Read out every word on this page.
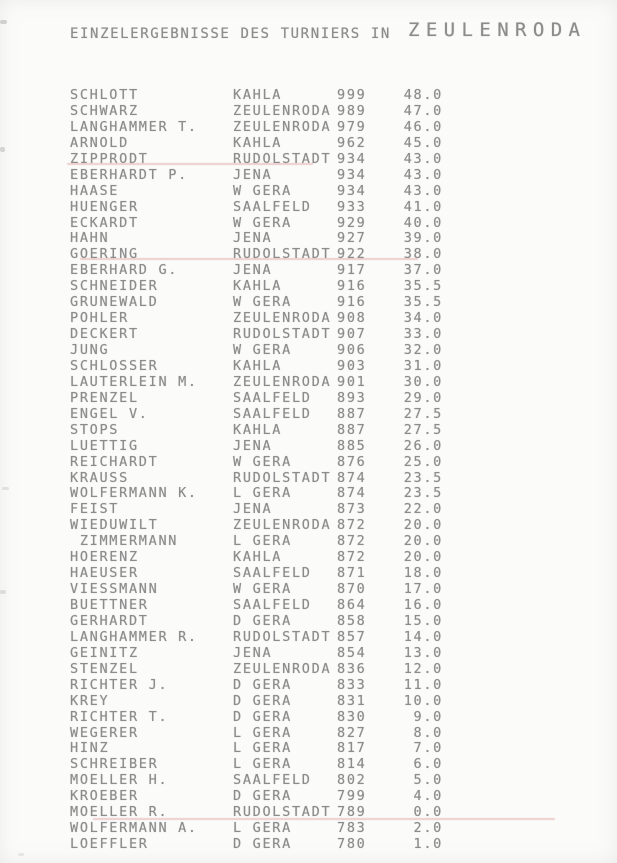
EINZELERGEBNISSE DES TURNIERS IN ZEULENRODA
SCHLOTT	KAHLA	999	48.0
SCHWARZ	ZEULENRODA 989	47.0
LANGHAMMER T.	ZEULENRODA 979	46.0
ARNOLD	KAHLA	962	45.0
ZIPPRODT	RUDOLSTADT 934	43.0
EBERHARDT P.	JENA	934	43.0
HAASE	W GERA	934	43.0
HUENGER	SAALFELD 933	41.0
ECKARDT	W GERA	929	40.0
HAHN	JENA	927	39.0
GOERING	RUDOLSTADT 922	38.0
EBERHARD G.	JENA	917	37.0
SCHNEIDER	KAHLA	916	35.5
GRUNEWALD	W GERA	916	35.5
POHLER	ZEULENRODA 908	34.0
DECKERT	RUDOLSTADT 907	33.0
JUNG	W GERA	906	32.0
SCHLOSSER	KAHLA	903	31.0
LAUTERLEIN M.	ZEULENRODA 901	30.0
PRENZEL	SAALFELD 893	29.0
ENGEL V.	SAALFELD 887	27.5
STOPS	KAHLA	887	27.5
LUETTIG	JENA	885	26.0
REICHARDT	W GERA	876	25.0
KRAUSS	RUDOLSTADT 874	23.5
WOLFERMANN K.	L GERA	874	23.5
FEIST	JENA	873	22.0
WIEDUWILT	ZEULENRODA 872	20.0
ZIMMERMANN	L GERA	872	20.0
HOERENZ	KAHLA	872	20.0
HAEUSER	SAALFELD 871	18.0
VIESSMANN	W GERA	870	17.0
BUETTNER	SAALFELD 864	16.0
GERHARDT	D GERA	858	15.0
LANGHAMMER R.	RUDOLSTADT 857	14.0
GEINITZ	JENA	854	13.0
STENZEL	ZEULENRODA 836	12.0
RICHTER J.	D GERA	833	11.0
KREY	D GERA	831	10.0
RICHTER T.	D GERA	830	9.0
WEGERER	L GERA	827	8.0
HINZ	L GERA	817	7.0
SCHREIBER	L GERA	814	6.0
MOELLER H.	SAALFELD 802	5.0
KROEBER	D GERA	799	4.0
MOELLER R.	RUDOLSTADT 789	0.0
WOLFERMANN A.	L GERA	783	2.0
LOEFFLER	D GERA	780	1.0
